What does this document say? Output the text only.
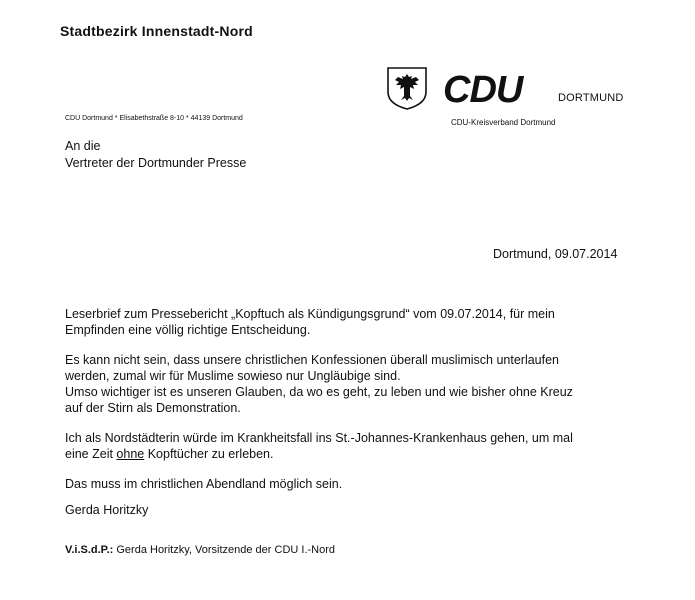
Stadtbezirk Innenstadt-Nord
CDU	DORTMUND
CDU-Kreisverband Dortmund
CDU Dortmund * Elisabethstraße 8-10 * 44139 Dortmund
An die
Vertreter der Dortmunder Presse
Dortmund, 09.07.2014

Leserbrief zum Pressebericht „Kopftuch als Kündigungsgrund“ vom 09.07.2014, für mein
Empfinden eine völlig richtige Entscheidung.

Es kann nicht sein, dass unsere christlichen Konfessionen überall muslimisch unterlaufen
werden, zumal wir für Muslime sowieso nur Ungläubige sind.
Umso wichtiger ist es unseren Glauben, da wo es geht, zu leben und wie bisher ohne Kreuz
auf der Stirn als Demonstration.

Ich als Nordstädterin würde im Krankheitsfall ins St.-Johannes-Krankenhaus gehen, um mal
eine Zeit ohne Kopftücher zu erleben.

Das muss im christlichen Abendland möglich sein.

Gerda Horitzky
V.i.S.d.P.: Gerda Horitzky, Vorsitzende der CDU I.-Nord
